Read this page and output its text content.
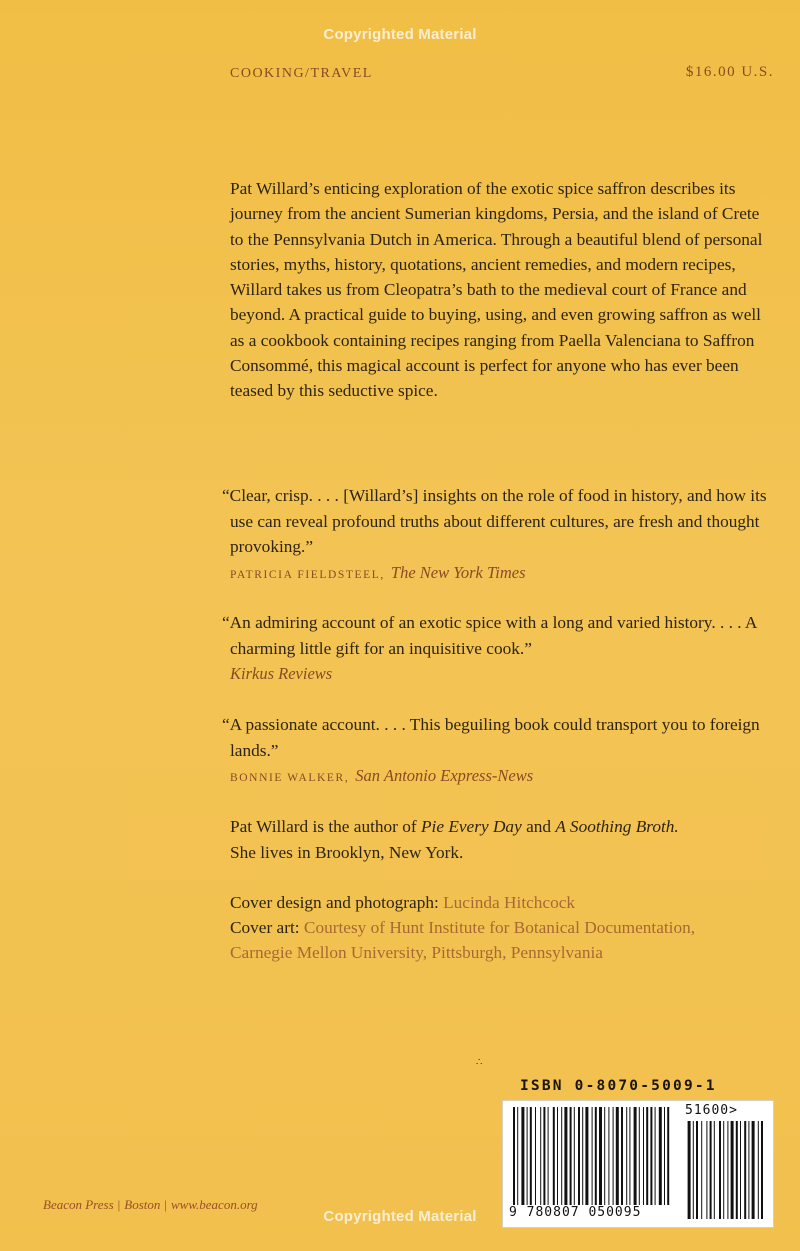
Copyrighted Material
COOKING/TRAVEL	$16.00 U.S.

Pat Willard’s enticing exploration of the exotic spice saffron describes its journey from the ancient Sumerian kingdoms, Persia, and the island of Crete to the Pennsylvania Dutch in America. Through a beautiful blend of personal stories, myths, history, quotations, ancient remedies, and modern recipes, Willard takes us from Cleopatra’s bath to the medieval court of France and beyond. A practical guide to buying, using, and even growing saffron as well as a cookbook containing recipes ranging from Paella Valenciana to Saffron Consommé, this magical account is perfect for anyone who has ever been teased by this seductive spice.

“Clear, crisp. . . . [Willard’s] insights on the role of food in history, and how its use can reveal profound truths about different cultures, are fresh and thought provoking.”
PATRICIA FIELDSTEEL, The New York Times
“An admiring account of an exotic spice with a long and varied history. . . . A charming little gift for an inquisitive cook.”
Kirkus Reviews
“A passionate account. . . . This beguiling book could transport you to foreign lands.”
BONNIE WALKER, San Antonio Express-News

Pat Willard is the author of Pie Every Day and A Soothing Broth.
She lives in Brooklyn, New York.

Cover design and photograph: Lucinda Hitchcock
Cover art: Courtesy of Hunt Institute for Botanical Documentation,
Carnegie Mellon University, Pittsburgh, Pennsylvania
∴
ISBN 0-8070-5009-1
9 780807 050095
51600>
Beacon Press | Boston | www.beacon.org
Copyrighted Material
